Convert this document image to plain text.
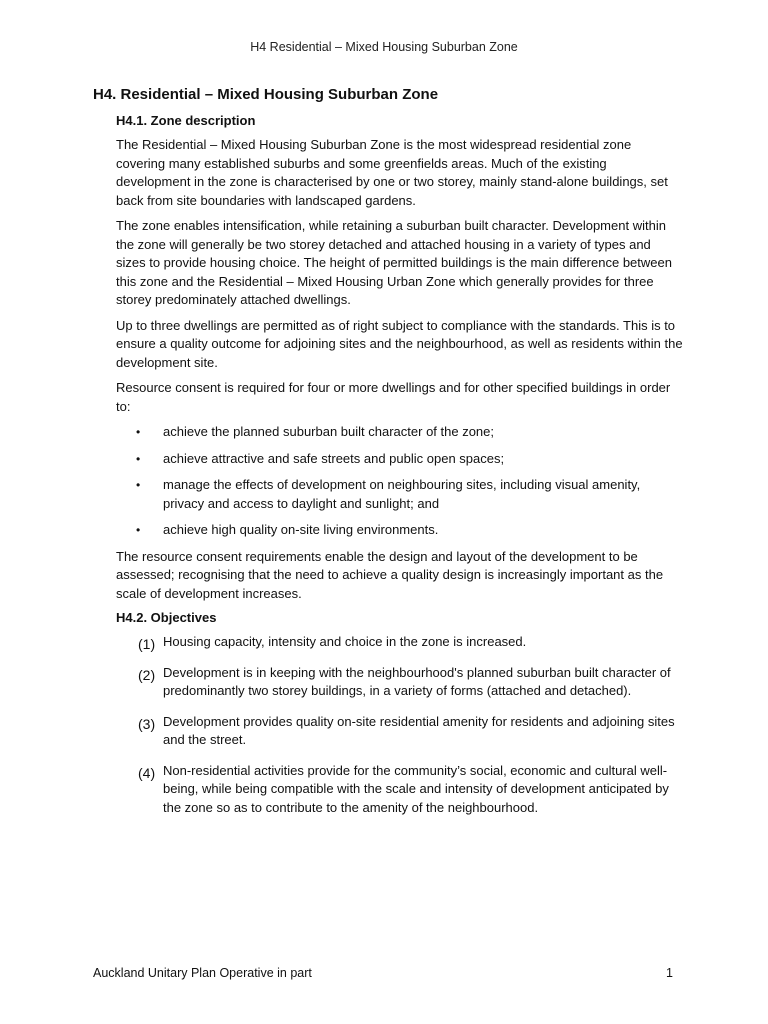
H4 Residential – Mixed Housing Suburban Zone
H4. Residential – Mixed Housing Suburban Zone
H4.1. Zone description

The Residential – Mixed Housing Suburban Zone is the most widespread residential zone covering many established suburbs and some greenfields areas. Much of the existing development in the zone is characterised by one or two storey, mainly stand-alone buildings, set back from site boundaries with landscaped gardens.

The zone enables intensification, while retaining a suburban built character. Development within the zone will generally be two storey detached and attached housing in a variety of types and sizes to provide housing choice. The height of permitted buildings is the main difference between this zone and the Residential – Mixed Housing Urban Zone which generally provides for three storey predominately attached dwellings.

Up to three dwellings are permitted as of right subject to compliance with the standards. This is to ensure a quality outcome for adjoining sites and the neighbourhood, as well as residents within the development site.

Resource consent is required for four or more dwellings and for other specified buildings in order to:

• achieve the planned suburban built character of the zone;
• achieve attractive and safe streets and public open spaces;
• manage the effects of development on neighbouring sites, including visual amenity, privacy and access to daylight and sunlight; and
• achieve high quality on-site living environments.

The resource consent requirements enable the design and layout of the development to be assessed; recognising that the need to achieve a quality design is increasingly important as the scale of development increases.

H4.2. Objectives
(1) Housing capacity, intensity and choice in the zone is increased.
(2) Development is in keeping with the neighbourhood's planned suburban built character of predominantly two storey buildings, in a variety of forms (attached and detached).
(3) Development provides quality on-site residential amenity for residents and adjoining sites and the street.
(4) Non-residential activities provide for the community’s social, economic and cultural well-being, while being compatible with the scale and intensity of development anticipated by the zone so as to contribute to the amenity of the neighbourhood.
Auckland Unitary Plan Operative in part	1
